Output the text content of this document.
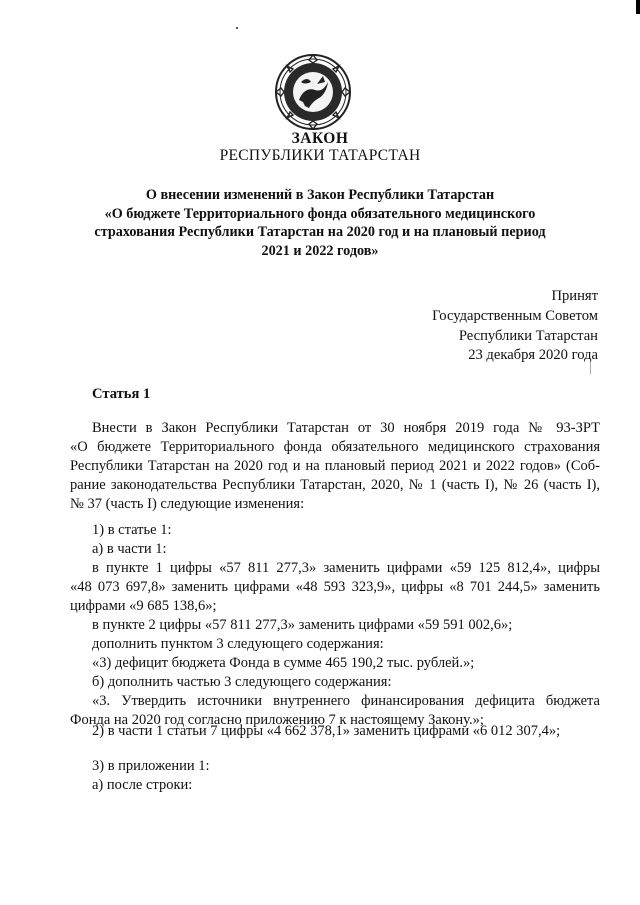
ЗАКОН
РЕСПУБЛИКИ ТАТАРСТАН
О внесении изменений в Закон Республики Татарстан
«О бюджете Территориального фонда обязательного медицинского
страхования Республики Татарстан на 2020 год и на плановый период
2021 и 2022 годов»
Принят
Государственным Советом
Республики Татарстан
23 декабря 2020 года
Статья 1
Внести в Закон Республики Татарстан от 30 ноября 2019 года № 93-ЗРТ
«О бюджете Территориального фонда обязательного медицинского страхования
Республики Татарстан на 2020 год и на плановый период 2021 и 2022 годов» (Соб-
рание законодательства Республики Татарстан, 2020, № 1 (часть I), № 26 (часть I),
№ 37 (часть I) следующие изменения:
1) в статье 1:
а) в части 1:
в пункте 1 цифры «57 811 277,3» заменить цифрами «59 125 812,4», цифры
«48 073 697,8» заменить цифрами «48 593 323,9», цифры «8 701 244,5» заменить
цифрами «9 685 138,6»;
в пункте 2 цифры «57 811 277,3» заменить цифрами «59 591 002,6»;
дополнить пунктом 3 следующего содержания:
«3) дефицит бюджета Фонда в сумме 465 190,2 тыс. рублей.»;
б) дополнить частью 3 следующего содержания:
«3. Утвердить источники внутреннего финансирования дефицита бюджета
Фонда на 2020 год согласно приложению 7 к настоящему Закону.»;
2) в части 1 статьи 7 цифры «4 662 378,1» заменить цифрами «6 012 307,4»;
3) в приложении 1:
а) после строки:
